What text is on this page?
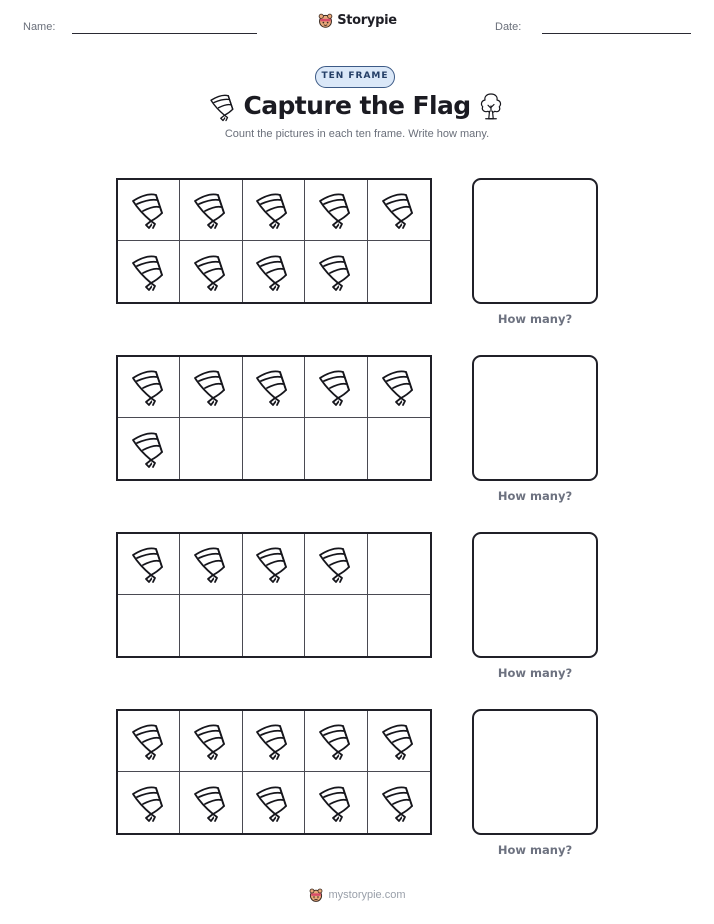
Name:	Storypie	Date:
TEN FRAME
Capture the Flag
Count the pictures in each ten frame. Write how many.
How many?
How many?
How many?
How many?
mystorypie.com
